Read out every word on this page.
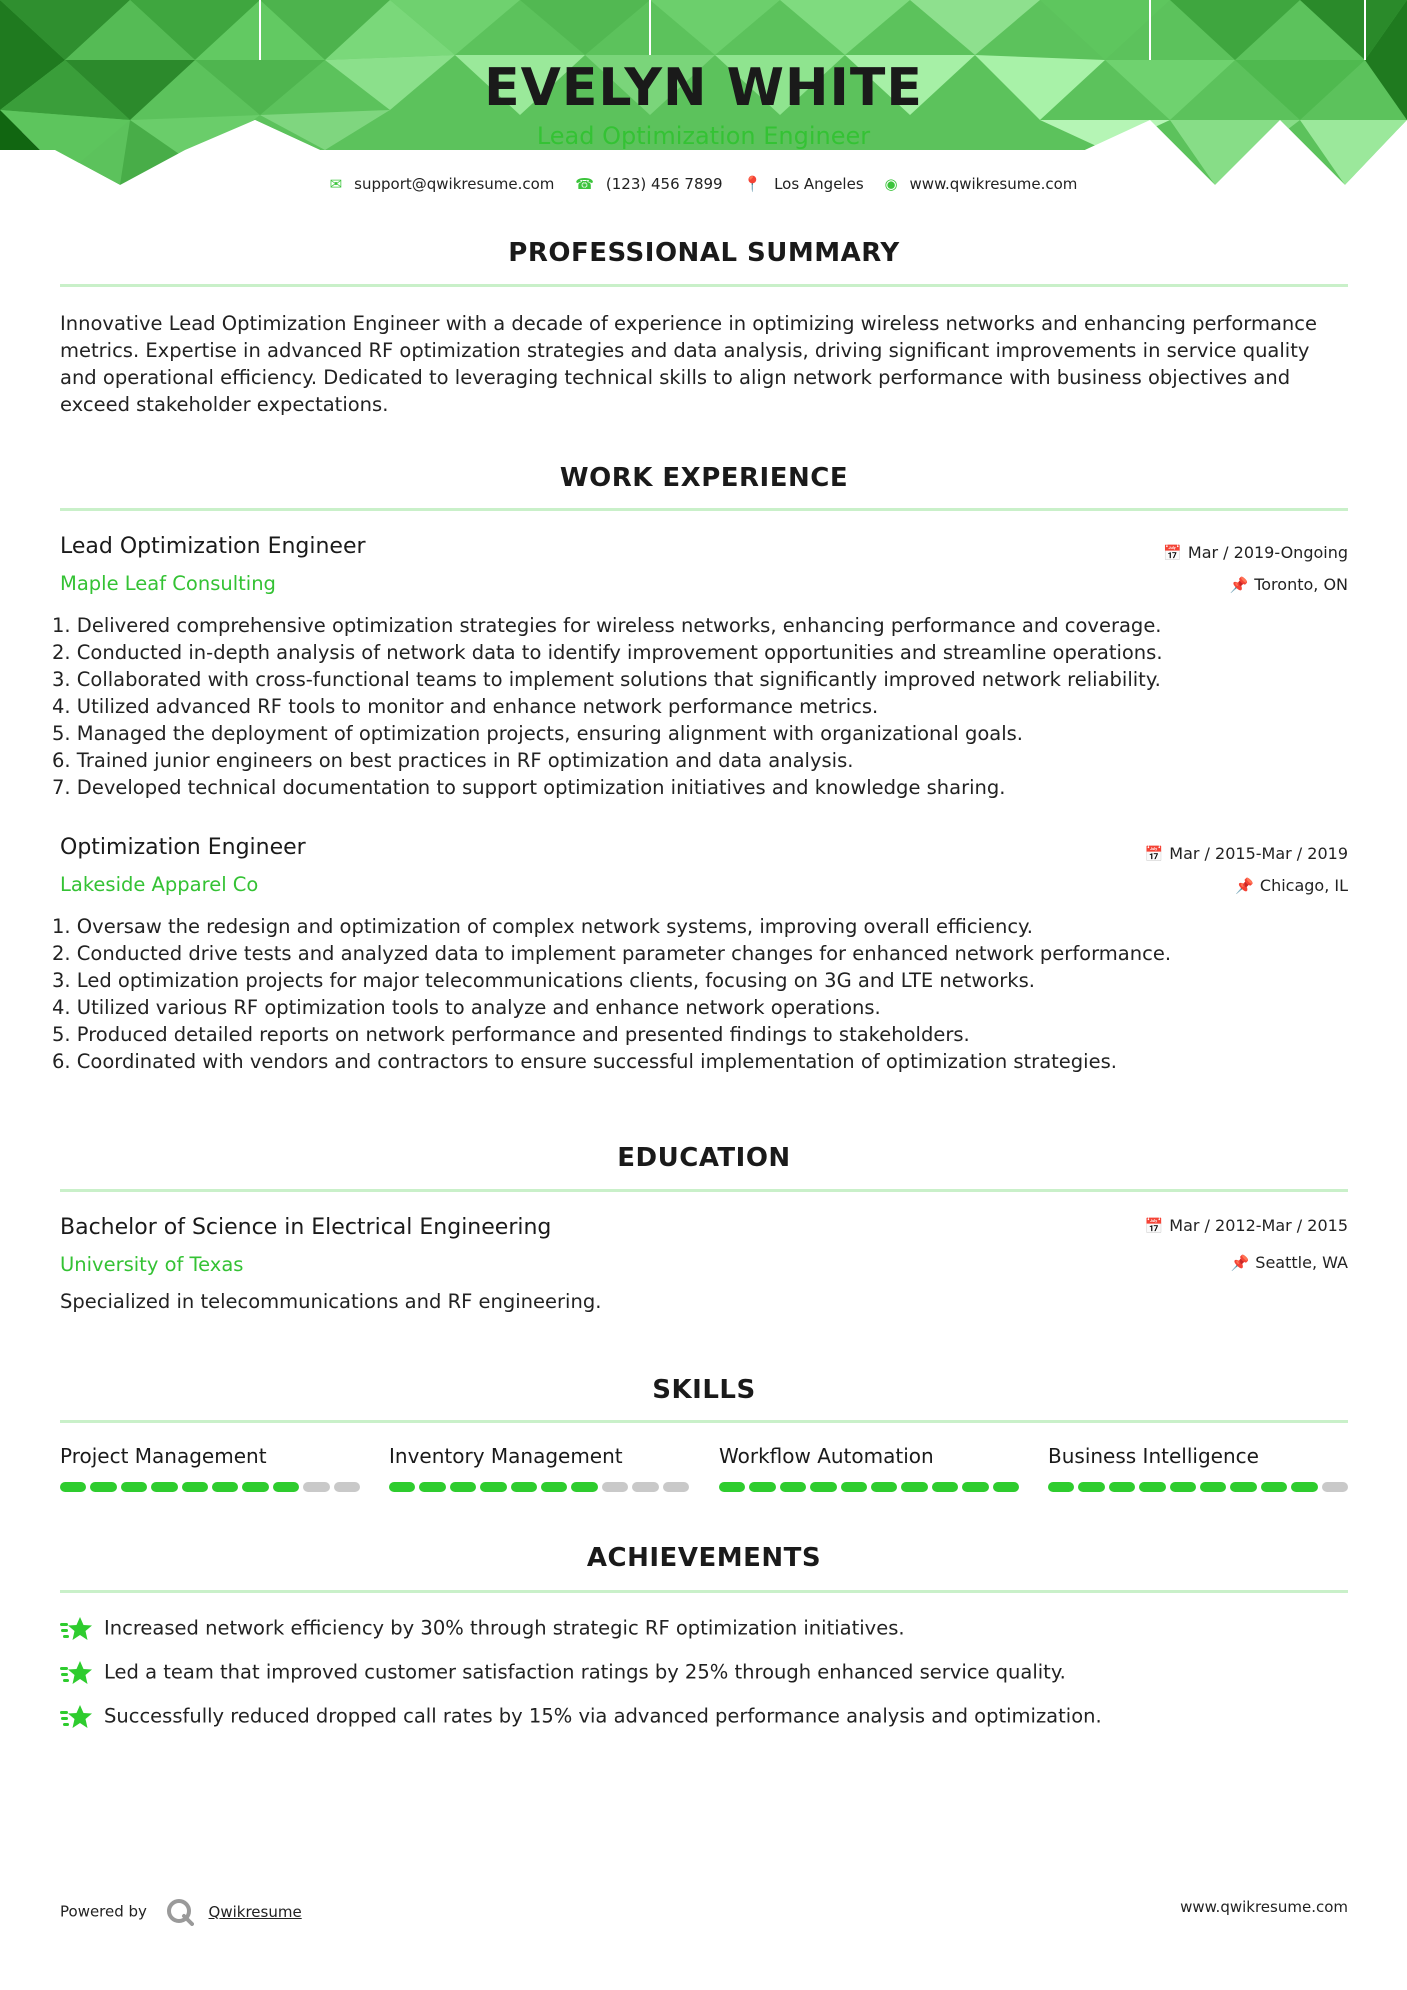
EVELYN WHITE
Lead Optimization Engineer
✉ support@qwikresume.com ☎ (123) 456 7899 📍 Los Angeles ◉ www.qwikresume.com
PROFESSIONAL SUMMARY
Innovative Lead Optimization Engineer with a decade of experience in optimizing wireless networks and enhancing performance metrics. Expertise in advanced RF optimization strategies and data analysis, driving significant improvements in service quality and operational efficiency. Dedicated to leveraging technical skills to align network performance with business objectives and exceed stakeholder expectations.
WORK EXPERIENCE
Lead Optimization Engineer	📅 Mar / 2019-Ongoing
Maple Leaf Consulting	📌 Toronto, ON
1. Delivered comprehensive optimization strategies for wireless networks, enhancing performance and coverage.
2. Conducted in-depth analysis of network data to identify improvement opportunities and streamline operations.
3. Collaborated with cross-functional teams to implement solutions that significantly improved network reliability.
4. Utilized advanced RF tools to monitor and enhance network performance metrics.
5. Managed the deployment of optimization projects, ensuring alignment with organizational goals.
6. Trained junior engineers on best practices in RF optimization and data analysis.
7. Developed technical documentation to support optimization initiatives and knowledge sharing.
Optimization Engineer	📅 Mar / 2015-Mar / 2019
Lakeside Apparel Co	📌 Chicago, IL
1. Oversaw the redesign and optimization of complex network systems, improving overall efficiency.
2. Conducted drive tests and analyzed data to implement parameter changes for enhanced network performance.
3. Led optimization projects for major telecommunications clients, focusing on 3G and LTE networks.
4. Utilized various RF optimization tools to analyze and enhance network operations.
5. Produced detailed reports on network performance and presented findings to stakeholders.
6. Coordinated with vendors and contractors to ensure successful implementation of optimization strategies.
EDUCATION
Bachelor of Science in Electrical Engineering	📅 Mar / 2012-Mar / 2015
University of Texas	📌 Seattle, WA
Specialized in telecommunications and RF engineering.
SKILLS
Project Management	Inventory Management	Workflow Automation	Business Intelligence
ACHIEVEMENTS
Increased network efficiency by 30% through strategic RF optimization initiatives.
Led a team that improved customer satisfaction ratings by 25% through enhanced service quality.
Successfully reduced dropped call rates by 15% via advanced performance analysis and optimization.
Powered by	Qwikresume	www.qwikresume.com
